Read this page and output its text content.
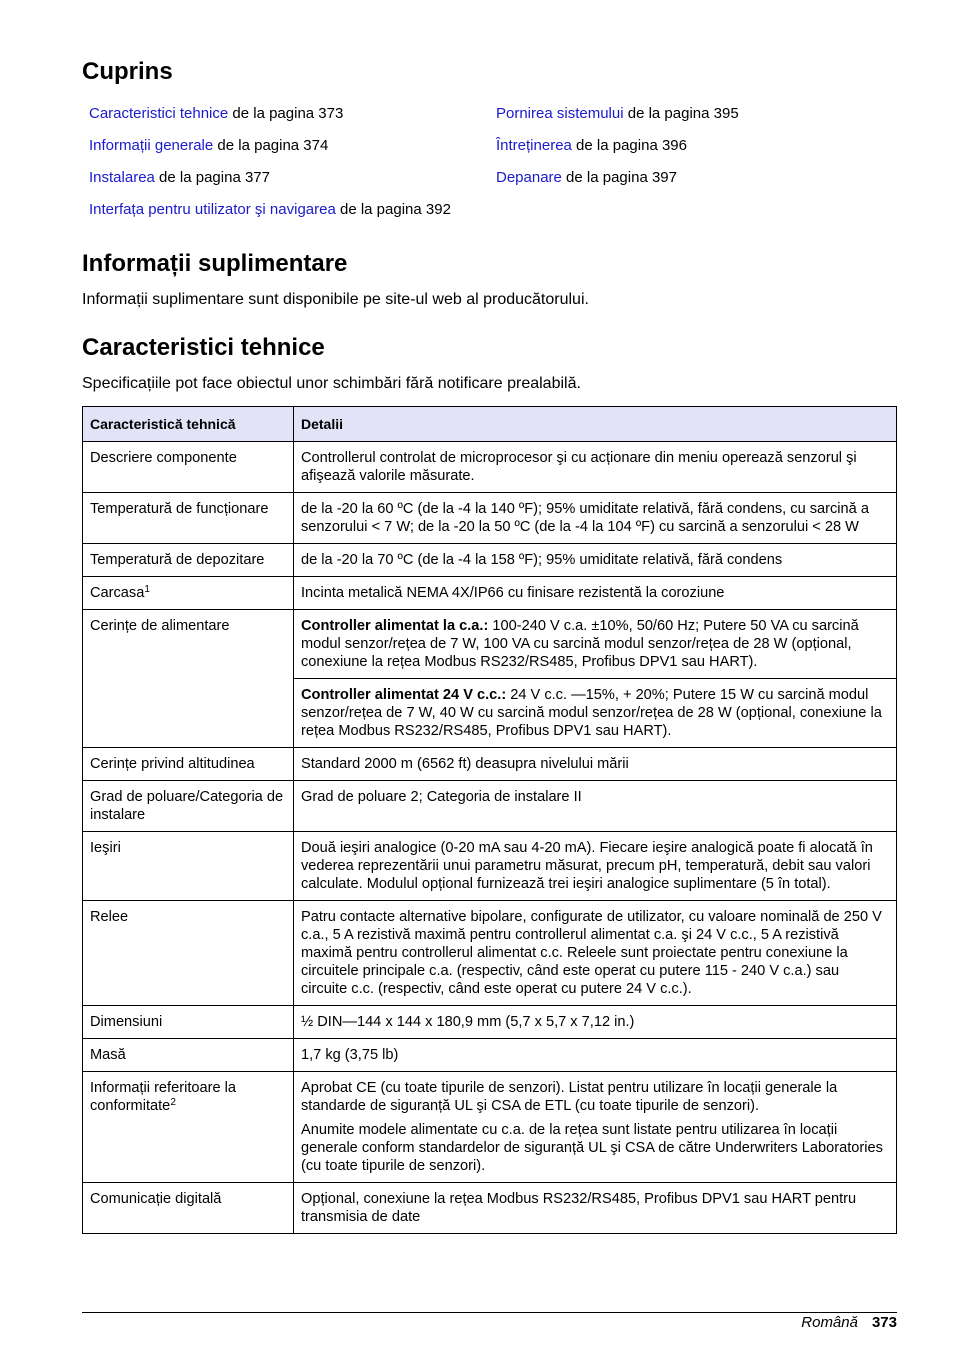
Cuprins
Caracteristici tehnice de la pagina 373
Informații generale de la pagina 374
Instalarea de la pagina 377
Interfața pentru utilizator şi navigarea de la pagina 392
Pornirea sistemului de la pagina 395
Întreținerea de la pagina 396
Depanare de la pagina 397
Informații suplimentare
Informații suplimentare sunt disponibile pe site-ul web al producătorului.
Caracteristici tehnice
Specificațiile pot face obiectul unor schimbări fără notificare prealabilă.
Caracteristică tehnică	Detalii
Descriere componente	Controllerul controlat de microprocesor şi cu acționare din meniu operează senzorul şi afişează valorile măsurate.
Temperatură de funcționare	de la -20 la 60 ºC (de la -4 la 140 ºF); 95% umiditate relativă, fără condens, cu sarcină a senzorului < 7 W; de la -20 la 50 ºC (de la -4 la 104 ºF) cu sarcină a senzorului < 28 W
Temperatură de depozitare	de la -20 la 70 ºC (de la -4 la 158 ºF); 95% umiditate relativă, fără condens
Carcasa$^1$	Incinta metalică NEMA 4X/IP66 cu finisare rezistentă la coroziune
Cerințe de alimentare	Controller alimentat la c.a.: 100-240 V c.a. ±10%, 50/60 Hz; Putere 50 VA cu sarcină modul senzor/rețea de 7 W, 100 VA cu sarcină modul senzor/rețea de 28 W (opțional, conexiune la rețea Modbus RS232/RS485, Profibus DPV1 sau HART).
	Controller alimentat 24 V c.c.: 24 V c.c. —15%, + 20%; Putere 15 W cu sarcină modul senzor/rețea de 7 W, 40 W cu sarcină modul senzor/rețea de 28 W (opțional, conexiune la rețea Modbus RS232/RS485, Profibus DPV1 sau HART).
Cerințe privind altitudinea	Standard 2000 m (6562 ft) deasupra nivelului mării
Grad de poluare/Categoria de instalare	Grad de poluare 2; Categoria de instalare II
Ieşiri	Două ieşiri analogice (0-20 mA sau 4-20 mA). Fiecare ieşire analogică poate fi alocată în vederea reprezentării unui parametru măsurat, precum pH, temperatură, debit sau valori calculate. Modulul opțional furnizează trei ieşiri analogice suplimentare (5 în total).
Relee	Patru contacte alternative bipolare, configurate de utilizator, cu valoare nominală de 250 V c.a., 5 A rezistivă maximă pentru controllerul alimentat c.a. şi 24 V c.c., 5 A rezistivă maximă pentru controllerul alimentat c.c. Releele sunt proiectate pentru conexiune la circuitele principale c.a. (respectiv, când este operat cu putere 115 - 240 V c.a.) sau circuite c.c. (respectiv, când este operat cu putere 24 V c.c.).
Dimensiuni	½ DIN—144 x 144 x 180,9 mm (5,7 x 5,7 x 7,12 in.)
Masă	1,7 kg (3,75 lb)
Informații referitoare la conformitate$^2$	Aprobat CE (cu toate tipurile de senzori). Listat pentru utilizare în locații generale la standarde de siguranță UL şi CSA de ETL (cu toate tipurile de senzori).

Anumite modele alimentate cu c.a. de la rețea sunt listate pentru utilizarea în locații generale conform standardelor de siguranță UL şi CSA de către Underwriters Laboratories (cu toate tipurile de senzori).

Comunicație digitală	Opțional, conexiune la rețea Modbus RS232/RS485, Profibus DPV1 sau HART pentru transmisia de date
Română 373
